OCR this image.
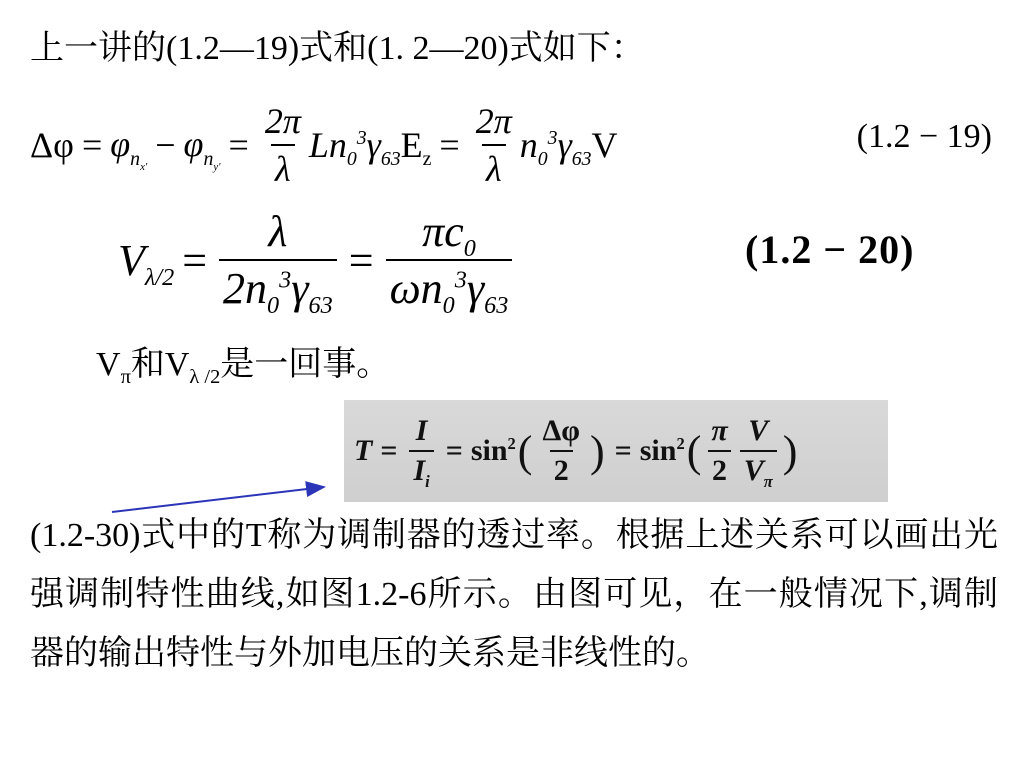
上一讲的(1.2—19)式和(1. 2—20)式如下：
$\Delta\varphi = \varphi_{n_{x'}}$
− $\varphi_{n_{y'}}$
= $\frac{2\pi}{\lambda} Ln_0^3\gamma_{63}E_z = \frac{2\pi}{\lambda} n_0^3\gamma_{63}V$	(1.2 − 19)
$V_{\lambda/2} = \frac{\lambda}{2n_0^3\gamma_{63}} = \frac{\pi c_0}{\omega n_0^3\gamma_{63}}$	(1.2 − 20)
$V_\pi$和$V_{\lambda /2}$是一回事。
$T = \frac{I}{I_i} = \sin^2$ ( $\frac{\Delta\varphi}{2}$ ) = $\sin^2$ ( $\frac{\pi}{2} \frac{V}{V_\pi}$ )
(1.2-30)式中的T称为调制器的透过率。根据上述关系可以画出光强调制特性曲线,如图1.2-6所示。由图可见，在一般情况下,调制器的输出特性与外加电压的关系是非线性的。
